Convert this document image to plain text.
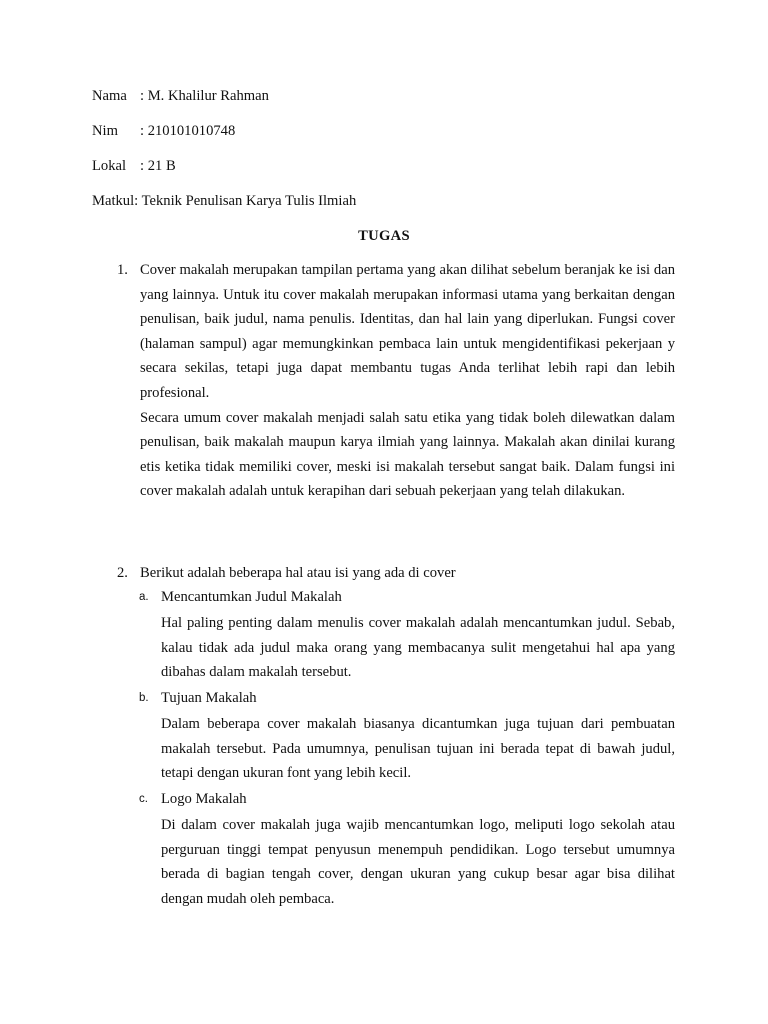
Nama : M. Khalilur Rahman
Nim : 210101010748
Lokal : 21 B
Matkul: Teknik Penulisan Karya Tulis Ilmiah
TUGAS
1. Cover makalah merupakan tampilan pertama yang akan dilihat sebelum beranjak ke isi dan yang lainnya. Untuk itu cover makalah merupakan informasi utama yang berkaitan dengan penulisan, baik judul, nama penulis. Identitas, dan hal lain yang diperlukan. Fungsi cover (halaman sampul) agar memungkinkan pembaca lain untuk mengidentifikasi pekerjaan y secara sekilas, tetapi juga dapat membantu tugas Anda terlihat lebih rapi dan lebih profesional.

Secara umum cover makalah menjadi salah satu etika yang tidak boleh dilewatkan dalam penulisan, baik makalah maupun karya ilmiah yang lainnya. Makalah akan dinilai kurang etis ketika tidak memiliki cover, meski isi makalah tersebut sangat baik. Dalam fungsi ini cover makalah adalah untuk kerapihan dari sebuah pekerjaan yang telah dilakukan.

2. Berikut adalah beberapa hal atau isi yang ada di cover
a. Mencantumkan Judul Makalah

Hal paling penting dalam menulis cover makalah adalah mencantumkan judul. Sebab, kalau tidak ada judul maka orang yang membacanya sulit mengetahui hal apa yang dibahas dalam makalah tersebut.

b. Tujuan Makalah

Dalam beberapa cover makalah biasanya dicantumkan juga tujuan dari pembuatan makalah tersebut. Pada umumnya, penulisan tujuan ini berada tepat di bawah judul, tetapi dengan ukuran font yang lebih kecil.

c. Logo Makalah

Di dalam cover makalah juga wajib mencantumkan logo, meliputi logo sekolah atau perguruan tinggi tempat penyusun menempuh pendidikan. Logo tersebut umumnya berada di bagian tengah cover, dengan ukuran yang cukup besar agar bisa dilihat dengan mudah oleh pembaca.
